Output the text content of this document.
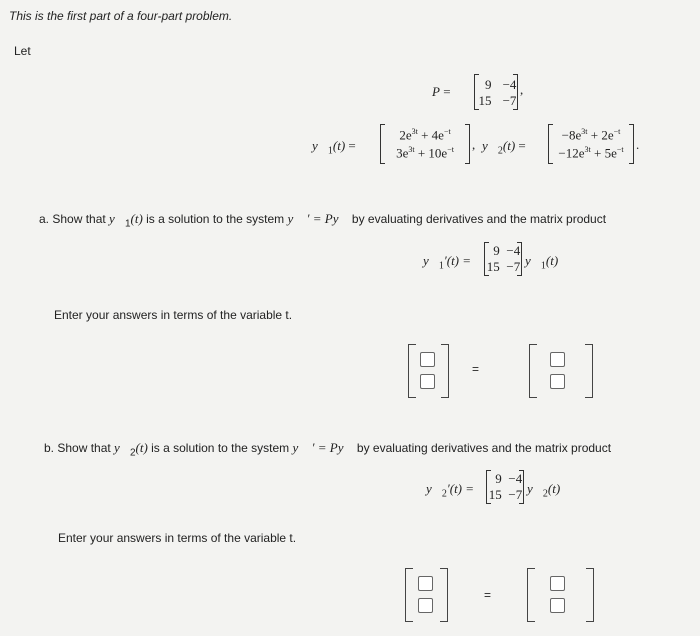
This is the first part of a four-part problem.
Let
P =	9 −4
15 −7
,
$y⃗_1(t)$ =
$2e^{3t} + 4e^{-t}$
$3e^{3t} + 10e^{-t}$	, $y⃗_2(t)$ =
$-8e^{3t} + 2e^{-t}$
$-12e^{3t} + 5e^{-t}$ .
a. Show that $y⃗_1(t)$ is a solution to the system y⃗ ′ = Py⃗ by evaluating derivatives and the matrix product
$y⃗_1'(t)$ =
9 −4
15 −7 $y⃗_1(t)$
Enter your answers in terms of the variable t.
=
b. Show that $y⃗_2(t)$ is a solution to the system y⃗ ′ = Py⃗ by evaluating derivatives and the matrix product
$y⃗_2'(t)$ =
9 −4
15 −7 $y⃗_2(t)$
Enter your answers in terms of the variable t.
=
